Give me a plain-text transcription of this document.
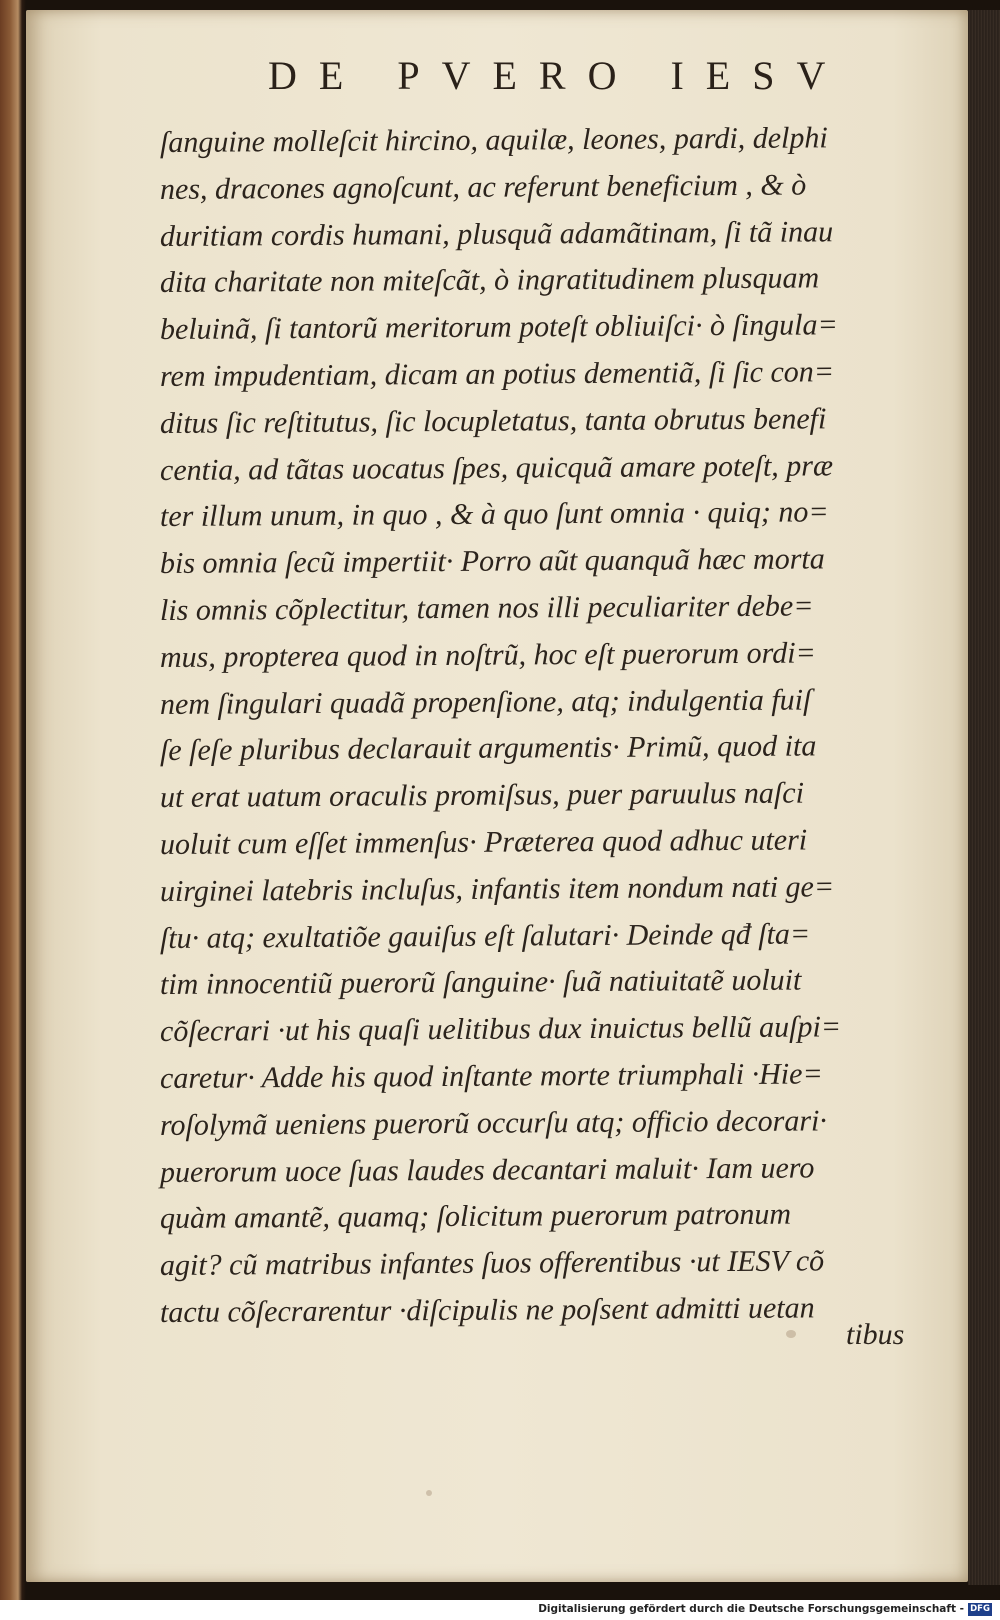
DE PVERO IESV
ſanguine molleſcit hircino, aquilæ, leones, pardi, delphi
nes, dracones agnoſcunt, ac referunt beneficium , & ò
duritiam cordis humani, plusquã adamãtinam, ſi tã inau
dita charitate non miteſcãt, ò ingratitudinem plusquam
beluinã, ſi tantorũ meritorum poteſt obliuiſci· ò ſingula=
rem impudentiam, dicam an potius dementiã, ſi ſic con=
ditus ſic reſtitutus, ſic locupletatus, tanta obrutus benefi
centia, ad tãtas uocatus ſpes, quicquã amare poteſt, præ
ter illum unum, in quo , & à quo ſunt omnia · quiq; no=
bis omnia ſecũ impertiit· Porro aũt quanquã hæc morta
lis omnis cõplectitur, tamen nos illi peculiariter debe=
mus, propterea quod in noſtrũ, hoc eſt puerorum ordi=
nem ſingulari quadã propenſione, atq; indulgentia fuiſ
ſe ſeſe pluribus declarauit argumentis· Primũ, quod ita
ut erat uatum oraculis promiſsus, puer paruulus naſci
uoluit cum eſſet immenſus· Præterea quod adhuc uteri
uirginei latebris incluſus, infantis item nondum nati ge=
ſtu· atq; exultatiõe gauiſus eſt ſalutari· Deinde qđ ſta=
tim innocentiũ puerorũ ſanguine· ſuã natiuitatẽ uoluit
cõſecrari ·ut his quaſi uelitibus dux inuictus bellũ auſpi=
caretur· Adde his quod inſtante morte triumphali ·Hie=
roſolymã ueniens puerorũ occurſu atq; officio decorari·
puerorum uoce ſuas laudes decantari maluit· Iam uero
quàm amantẽ, quamq; ſolicitum puerorum patronum
agit? cũ matribus infantes ſuos offerentibus ·ut IESV cõ
tactu cõſecrarentur ·diſcipulis ne poſsent admitti uetan
tibus
Digitalisierung gefördert durch die Deutsche Forschungsgemeinschaft - DFG
